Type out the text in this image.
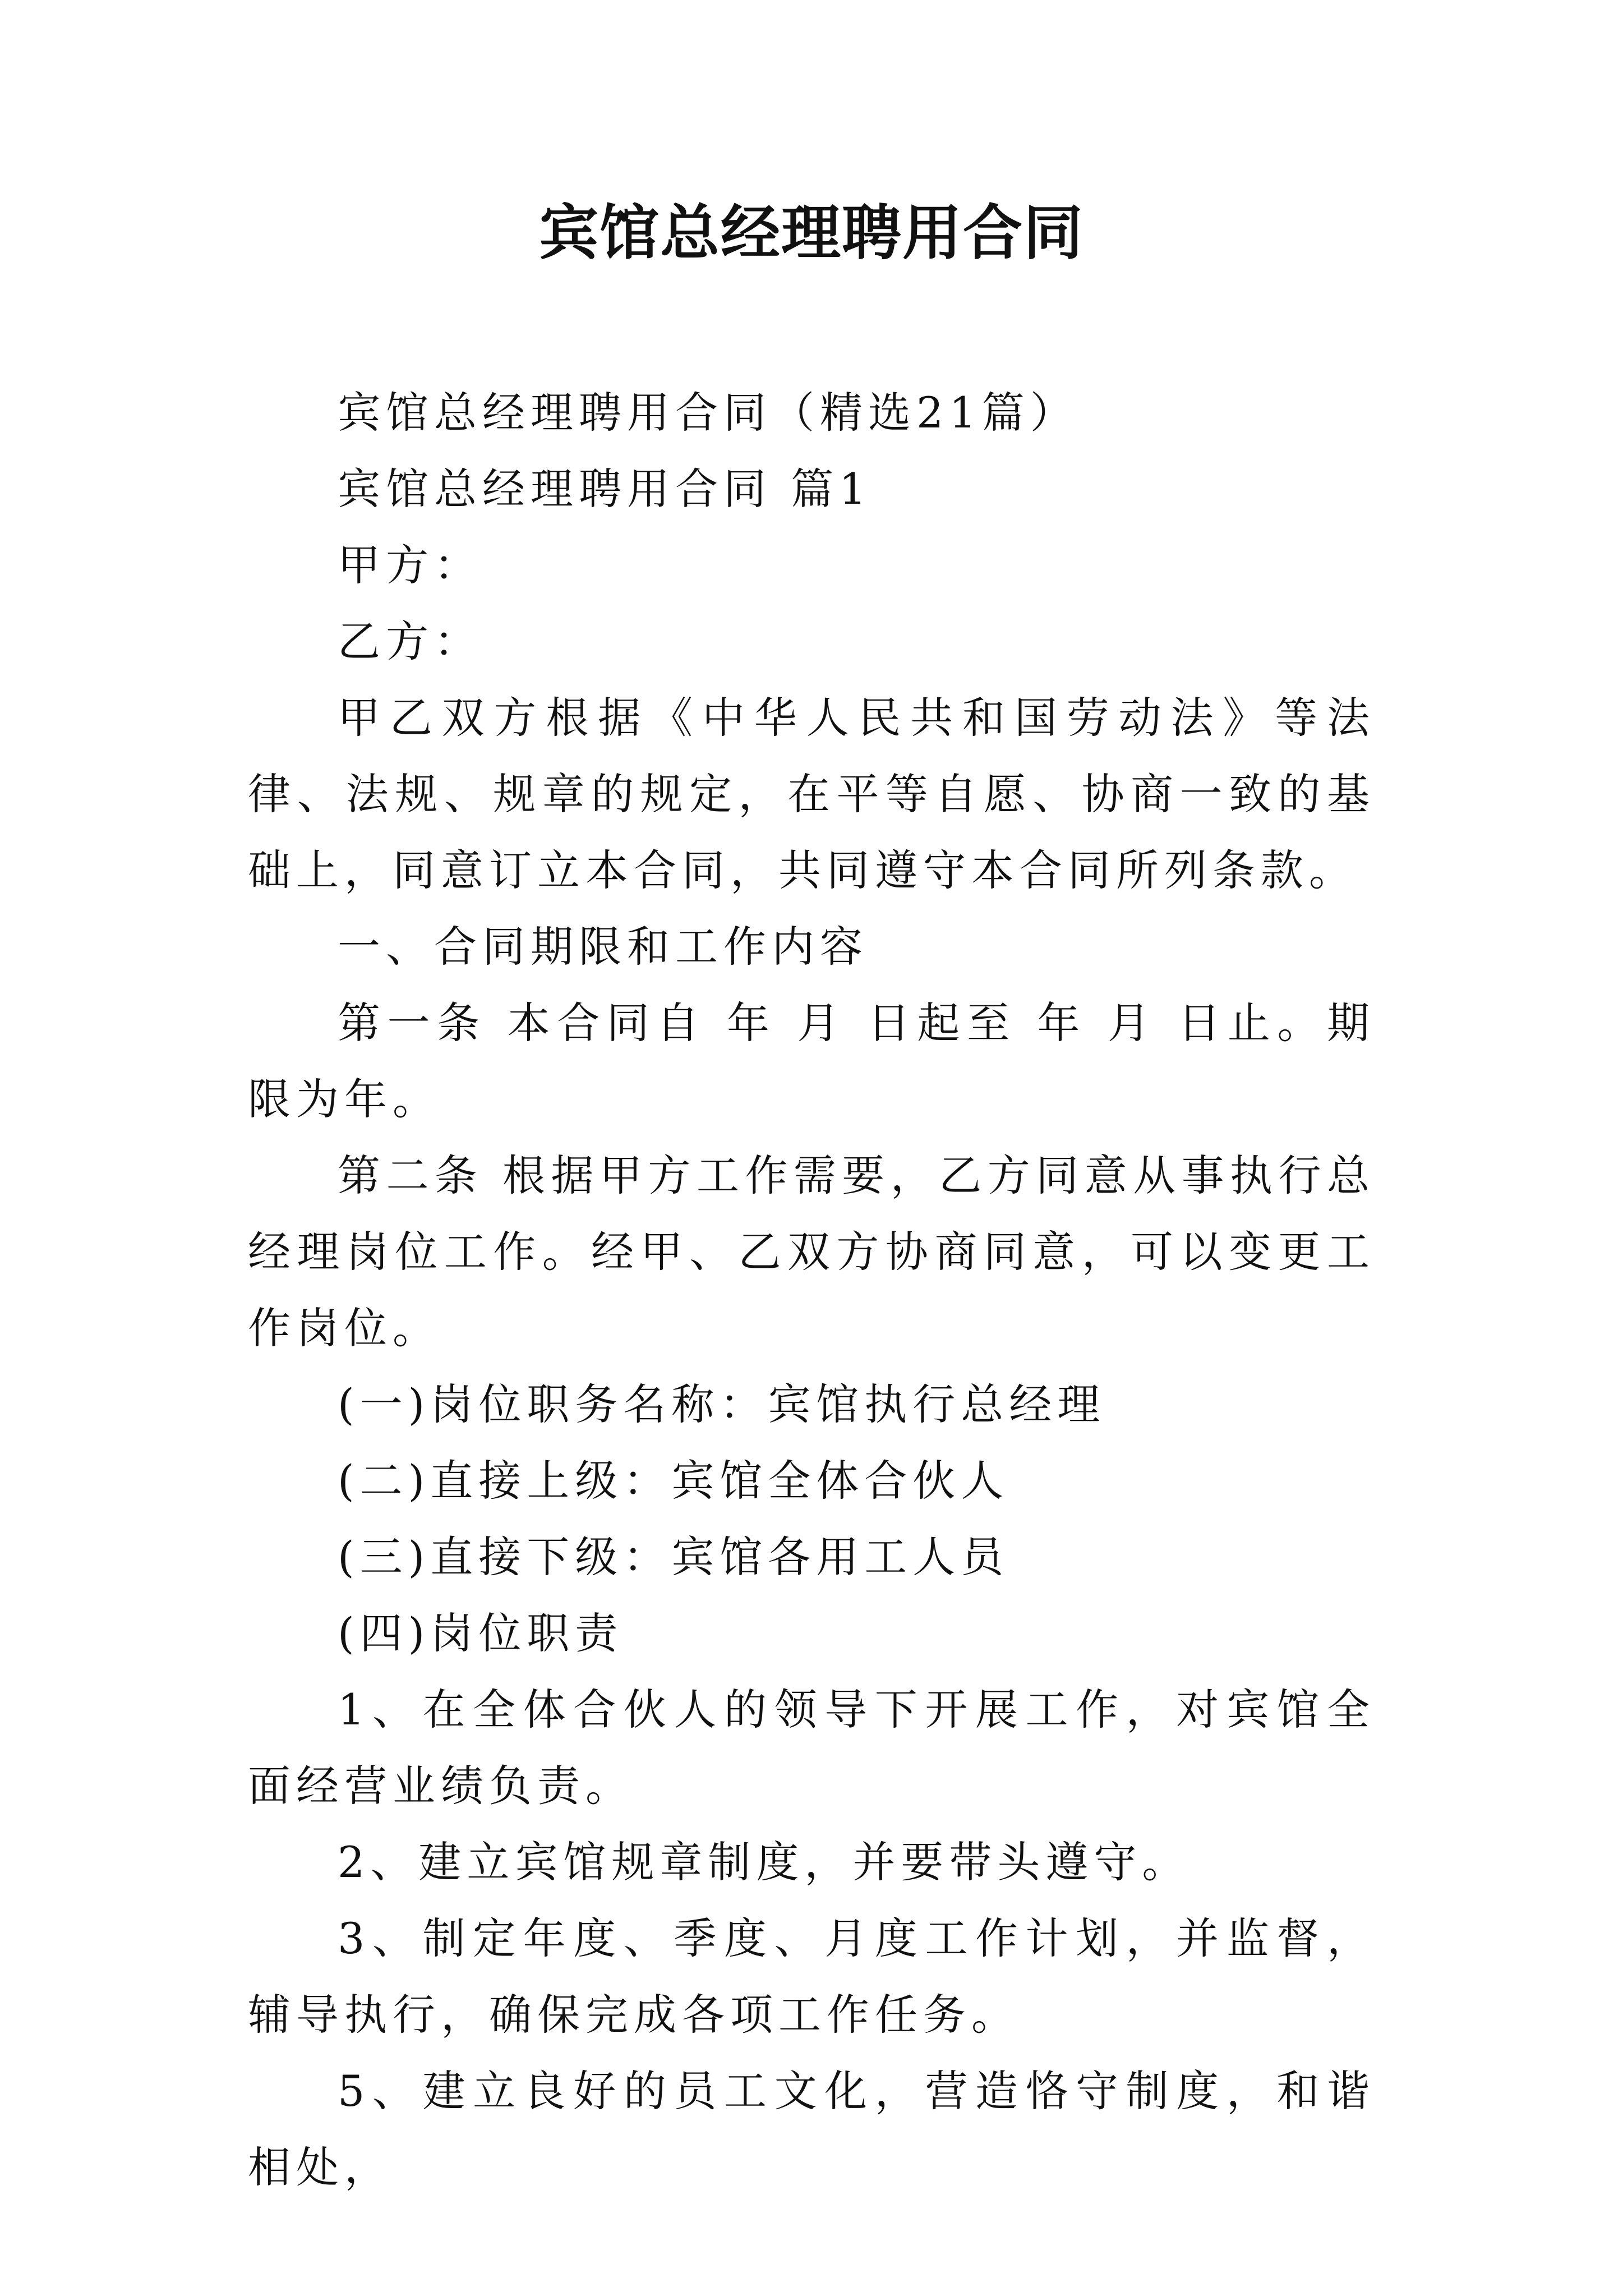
宾馆总经理聘用合同

宾馆总经理聘用合同（精选21篇）

宾馆总经理聘用合同 篇1

甲方：

乙方：

甲乙双方根据《中华人民共和国劳动法》等法律、法规、规章的规定，在平等自愿、协商一致的基础上，同意订立本合同，共同遵守本合同所列条款。

一、合同期限和工作内容

第一条 本合同自 年 月 日起至 年 月 日止。期限为年。

第二条 根据甲方工作需要，乙方同意从事执行总经理岗位工作。经甲、乙双方协商同意，可以变更工作岗位。

(一)岗位职务名称：宾馆执行总经理

(二)直接上级：宾馆全体合伙人

(三)直接下级：宾馆各用工人员

(四)岗位职责

1、在全体合伙人的领导下开展工作，对宾馆全面经营业绩负责。

2、建立宾馆规章制度，并要带头遵守。

3、制定年度、季度、月度工作计划，并监督，辅导执行，确保完成各项工作任务。

5、建立良好的员工文化，营造恪守制度，和谐相处，
